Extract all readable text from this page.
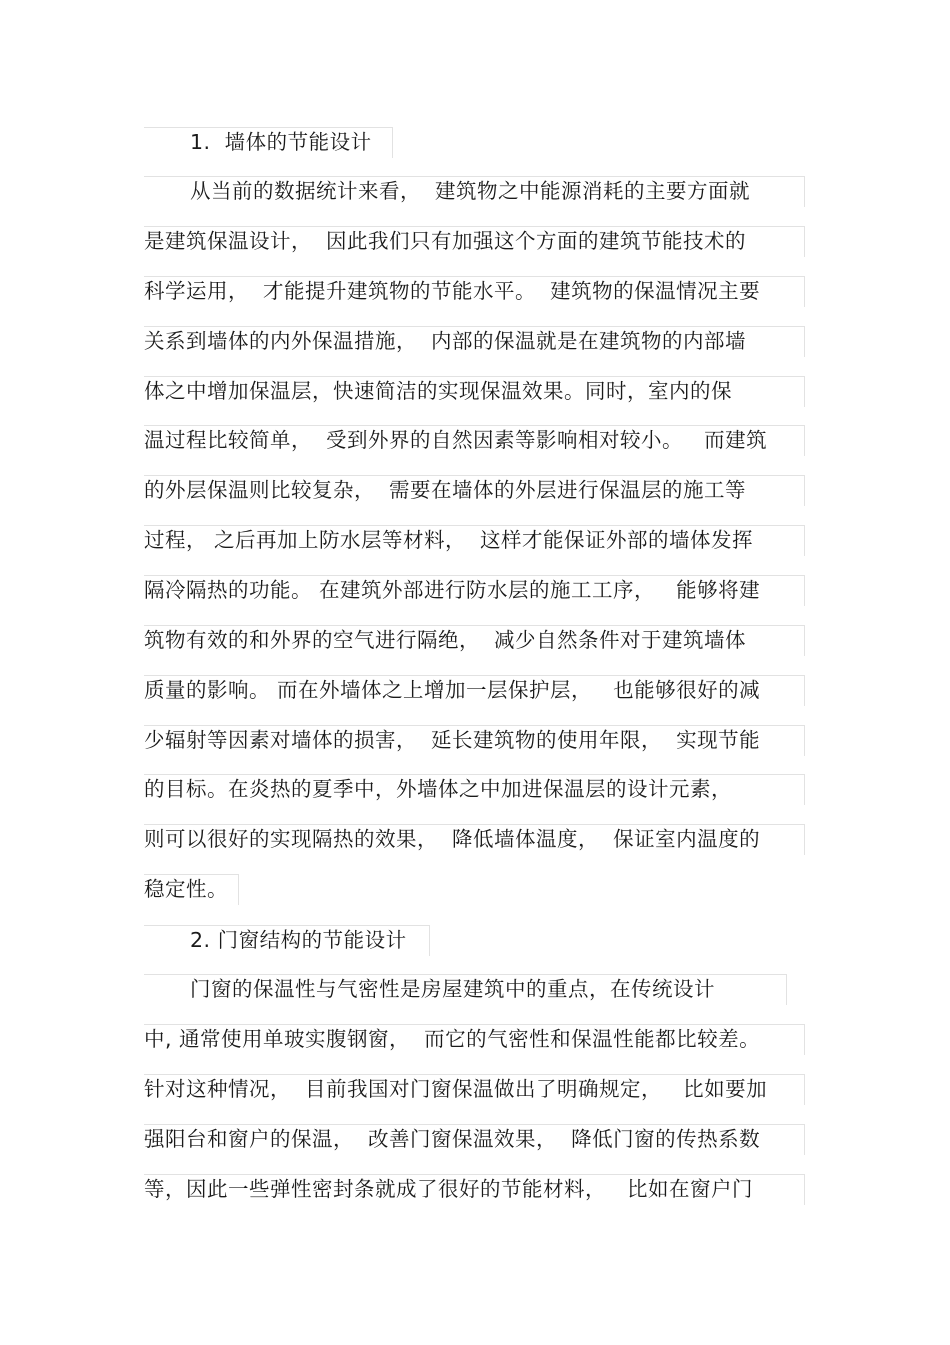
1.  墙体的节能设计
从当前的数据统计来看，  建筑物之中能源消耗的主要方面就
是建筑保温设计，  因此我们只有加强这个方面的建筑节能技术的
科学运用，  才能提升建筑物的节能水平。  建筑物的保温情况主要
关系到墙体的内外保温措施，  内部的保温就是在建筑物的内部墙
体之中增加保温层，快速简洁的实现保温效果。同时，室内的保
温过程比较简单，  受到外界的自然因素等影响相对较小。   而建筑
的外层保温则比较复杂，  需要在墙体的外层进行保温层的施工等
过程， 之后再加上防水层等材料，  这样才能保证外部的墙体发挥
隔冷隔热的功能。 在建筑外部进行防水层的施工工序，   能够将建
筑物有效的和外界的空气进行隔绝，  减少自然条件对于建筑墙体
质量的影响。 而在外墙体之上增加一层保护层，   也能够很好的减
少辐射等因素对墙体的损害，  延长建筑物的使用年限，  实现节能
的目标。在炎热的夏季中，外墙体之中加进保温层的设计元素，
则可以很好的实现隔热的效果，  降低墙体温度，  保证室内温度的
稳定性。
2. 门窗结构的节能设计
门窗的保温性与气密性是房屋建筑中的重点，在传统设计
中, 通常使用单玻实腹钢窗，  而它的气密性和保温性能都比较差。
针对这种情况，  目前我国对门窗保温做出了明确规定，   比如要加
强阳台和窗户的保温，  改善门窗保温效果，  降低门窗的传热系数
等，因此一些弹性密封条就成了很好的节能材料，   比如在窗户门
